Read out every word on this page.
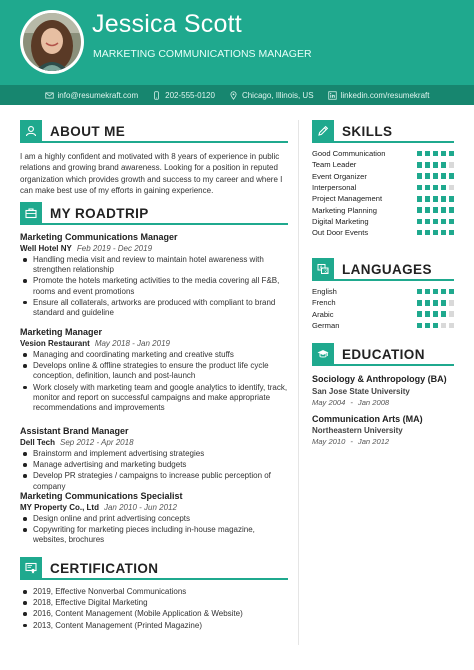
Jessica Scott
MARKETING COMMUNICATIONS MANAGER
info@resumekraft.com	202-555-0120	Chicago, Illinois, US	linkedin.com/resumekraft
ABOUT ME
I am a highly confident and motivated with 8 years of experience in public relations and growing brand awareness. Looking for a position in reputed organization which provides growth and success to my career and where I can make best use of my efforts in gaining experience.
MY ROADTRIP
Marketing Communications Manager
Well Hotel NY Feb 2019 - Dec 2019
Handling media visit and review to maintain hotel awareness with strengthen relationship
Promote the hotels marketing activities to the media covering all F&B, rooms and event promotions
Ensure all collaterals, artworks are produced with compliant to brand standard and guideline
Marketing Manager
Vesion Restaurant May 2018 - Jan 2019
Managing and coordinating marketing and creative stuffs
Develops online & offline strategies to ensure the product life cycle conception, definition, launch and post-launch
Work closely with marketing team and google analytics to identify, track, monitor and report on successful campaigns and make appropriate recommendations and improvements
Assistant Brand Manager
Dell Tech Sep 2012 - Apr 2018
Brainstorm and implement advertising strategies
Manage advertising and marketing budgets
Develop PR strategies / campaigns to increase public perception of company
Marketing Communications Specialist
MY Property Co., Ltd Jan 2010 - Jun 2012
Design online and print advertising concepts
Copywriting for marketing pieces including in-house magazine, websites, brochures
CERTIFICATION
2019, Effective Nonverbal Communications
2018, Effective Digital Marketing
2016, Content Management (Mobile Application & Website)
2013, Content Management (Printed Magazine)
SKILLS
Good Communication
Team Leader
Event Organizer
Interpersonal
Project Management
Marketing Planning
Digital Marketing
Out Door Events
A
文 LANGUAGES
English
French
Arabic
German
EDUCATION
Sociology & Anthropology (BA)
San Jose State University
May 2004 - Jan 2008
Communication Arts (MA)
Northeastern University
May 2010 - Jan 2012
